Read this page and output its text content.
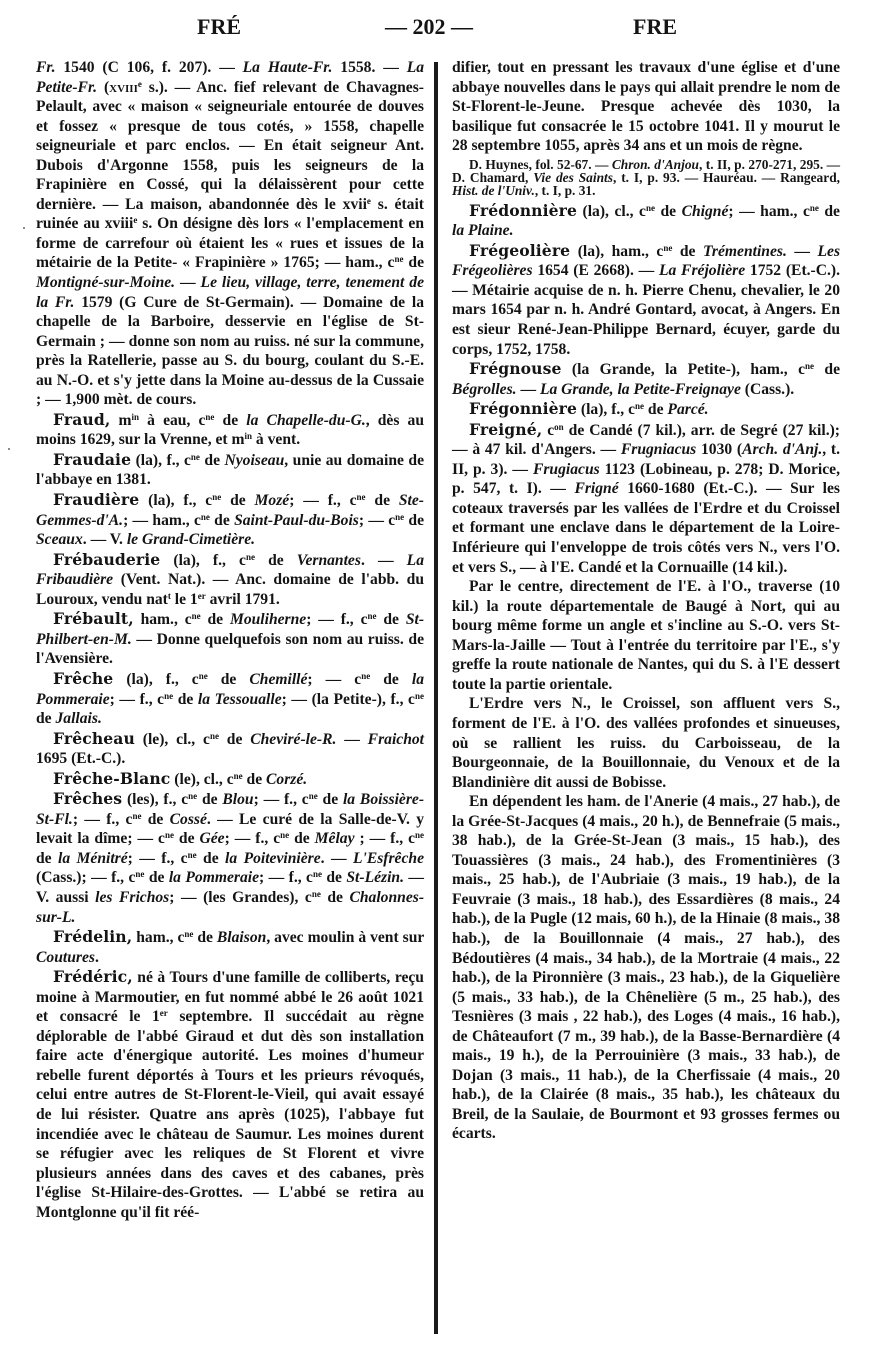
FRÉ	— 202 —	FRE

Fr. 1540 (C 106, f. 207). — La Haute-Fr. 1558. — La Petite-Fr. (xviii$^e$ s.). — Anc. fief relevant de Chavagnes-Pelault, avec « maison « seigneuriale entourée de douves et fossez « presque de tous cotés, » 1558, chapelle seigneuriale et parc enclos. — En était seigneur Ant. Dubois d'Argonne 1558, puis les seigneurs de la Frapinière en Cossé, qui la délaissèrent pour cette dernière. — La maison, abandonnée dès le xvii$^e$ s. était ruinée au xviii$^e$ s. On désigne dès lors « l'emplacement en forme de carrefour où étaient les « rues et issues de la métairie de la Petite- « Frapinière » 1765; — ham., $c^{ne}$ de Montigné-sur-Moine. — Le lieu, village, terre, tenement de la Fr. 1579 (G Cure de St-Germain). — Domaine de la chapelle de la Barboire, desservie en l'église de St-Germain ; — donne son nom au ruiss. né sur la commune, près la Ratellerie, passe au S. du bourg, coulant du S.-E. au N.-O. et s'y jette dans la Moine au-dessus de la Cussaie ; — 1,900 mèt. de cours.

Fraud, $m^{in}$ à eau, $c^{ne}$ de la Chapelle-du-G., dès au moins 1629, sur la Vrenne, et $m^{in}$ à vent.

Fraudaie (la), f., $c^{ne}$ de Nyoiseau, unie au domaine de l'abbaye en 1381.

Fraudière (la), f., $c^{ne}$ de Mozé; — f., $c^{ne}$ de Ste-Gemmes-d'A.; — ham., $c^{ne}$ de Saint-Paul-du-Bois; — $c^{ne}$ de Sceaux. — V. le Grand-Cimetière.

Frébauderie (la), f., $c^{ne}$ de Vernantes. — La Fribaudière (Vent. Nat.). — Anc. domaine de l'abb. du Louroux, vendu nat$^t$ le 1er avril 1791.

Frébault, ham., $c^{ne}$ de Mouliherne; — f., $c^{ne}$ de St-Philbert-en-M. — Donne quelquefois son nom au ruiss. de l'Avensière.

Frêche (la), f., $c^{ne}$ de Chemillé; — $c^{ne}$ de la Pommeraie; — f., $c^{ne}$ de la Tessoualle; — (la Petite-), f., $c^{ne}$ de Jallais.

Frêcheau (le), cl., $c^{ne}$ de Cheviré-le-R. — Fraichot 1695 (Et.-C.).

Frêche-Blanc (le), cl., $c^{ne}$ de Corzé.

Frêches (les), f., $c^{ne}$ de Blou; — f., $c^{ne}$ de la Boissière-St-Fl.; — f., $c^{ne}$ de Cossé. — Le curé de la Salle-de-V. y levait la dîme; — $c^{ne}$ de Gée; — f., $c^{ne}$ de Mêlay ; — f., $c^{ne}$ de la Ménitré; — f., $c^{ne}$ de la Poitevinière. — L'Esfrêche (Cass.); — f., $c^{ne}$ de la Pommeraie; — f., $c^{ne}$ de St-Lézin. — V. aussi les Frichos; — (les Grandes), $c^{ne}$ de Chalonnes-sur-L.

Frédelin, ham., $c^{ne}$ de Blaison, avec moulin à vent sur Coutures.

Frédéric, né à Tours d'une famille de colliberts, reçu moine à Marmoutier, en fut nommé abbé le 26 août 1021 et consacré le 1er septembre. Il succédait au règne déplorable de l'abbé Giraud et dut dès son installation faire acte d'énergique autorité. Les moines d'humeur rebelle furent déportés à Tours et les prieurs révoqués, celui entre autres de St-Florent-le-Vieil, qui avait essayé de lui résister. Quatre ans après (1025), l'abbaye fut incendiée avec le château de Saumur. Les moines durent se réfugier avec les reliques de St Florent et vivre plusieurs années dans des caves et des cabanes, près l'église St-Hilaire-des-Grottes. — L'abbé se retira au Montglonne qu'il fit réé-

difier, tout en pressant les travaux d'une église et d'une abbaye nouvelles dans le pays qui allait prendre le nom de St-Florent-le-Jeune. Presque achevée dès 1030, la basilique fut consacrée le 15 octobre 1041. Il y mourut le 28 septembre 1055, après 34 ans et un mois de règne.

D. Huynes, fol. 52-67. — Chron. d'Anjou, t. II, p. 270-271, 295. — D. Chamard, Vie des Saints, t. I, p. 93. — Hauréau. — Rangeard, Hist. de l'Univ., t. I, p. 31.

Frédonnière (la), cl., $c^{ne}$ de Chigné; — ham., $c^{ne}$ de la Plaine.

Frégeolière (la), ham., $c^{ne}$ de Trémentines. — Les Frégeolières 1654 (E 2668). — La Fréjolière 1752 (Et.-C.). — Métairie acquise de n. h. Pierre Chenu, chevalier, le 20 mars 1654 par n. h. André Gontard, avocat, à Angers. En est sieur René-Jean-Philippe Bernard, écuyer, garde du corps, 1752, 1758.

Frégnouse (la Grande, la Petite-), ham., $c^{ne}$ de Bégrolles. — La Grande, la Petite-Freignaye (Cass.).

Frégonnière (la), f., $c^{ne}$ de Parcé.

Freigné, $c^{on}$ de Candé (7 kil.), arr. de Segré (27 kil.); — à 47 kil. d'Angers. — Frugniacus 1030 (Arch. d'Anj., t. II, p. 3). — Frugiacus 1123 (Lobineau, p. 278; D. Morice, p. 547, t. I). — Frigné 1660-1680 (Et.-C.). — Sur les coteaux traversés par les vallées de l'Erdre et du Croissel et formant une enclave dans le département de la Loire-Inférieure qui l'enveloppe de trois côtés vers N., vers l'O. et vers S., — à l'E. Candé et la Cornuaille (14 kil.).

Par le centre, directement de l'E. à l'O., traverse (10 kil.) la route départementale de Baugé à Nort, qui au bourg même forme un angle et s'incline au S.-O. vers St-Mars-la-Jaille — Tout à l'entrée du territoire par l'E., s'y greffe la route nationale de Nantes, qui du S. à l'E dessert toute la partie orientale.

L'Erdre vers N., le Croissel, son affluent vers S., forment de l'E. à l'O. des vallées profondes et sinueuses, où se rallient les ruiss. du Carboisseau, de la Bourgeonnaie, de la Bouillonnaie, du Venoux et de la Blandinière dit aussi de Bobisse.

En dépendent les ham. de l'Anerie (4 mais., 27 hab.), de la Grée-St-Jacques (4 mais., 20 h.), de Bennefraie (5 mais., 38 hab.), de la Grée-St-Jean (3 mais., 15 hab.), des Touassières (3 mais., 24 hab.), des Fromentinières (3 mais., 25 hab.), de l'Aubriaie (3 mais., 19 hab.), de la Feuvraie (3 mais., 18 hab.), des Essardières (8 mais., 24 hab.), de la Pugle (12 mais, 60 h.), de la Hinaie (8 mais., 38 hab.), de la Bouillonnaie (4 mais., 27 hab.), des Bédoutières (4 mais., 34 hab.), de la Mortraie (4 mais., 22 hab.), de la Pironnière (3 mais., 23 hab.), de la Giquelière (5 mais., 33 hab.), de la Chênelière (5 m., 25 hab.), des Tesnières (3 mais , 22 hab.), des Loges (4 mais., 16 hab.), de Châteaufort (7 m., 39 hab.), de la Basse-Bernardière (4 mais., 19 h.), de la Perrouinière (3 mais., 33 hab.), de Dojan (3 mais., 11 hab.), de la Cherfissaie (4 mais., 20 hab.), de la Clairée (8 mais., 35 hab.), les châteaux du Breil, de la Saulaie, de Bourmont et 93 grosses fermes ou écarts.
